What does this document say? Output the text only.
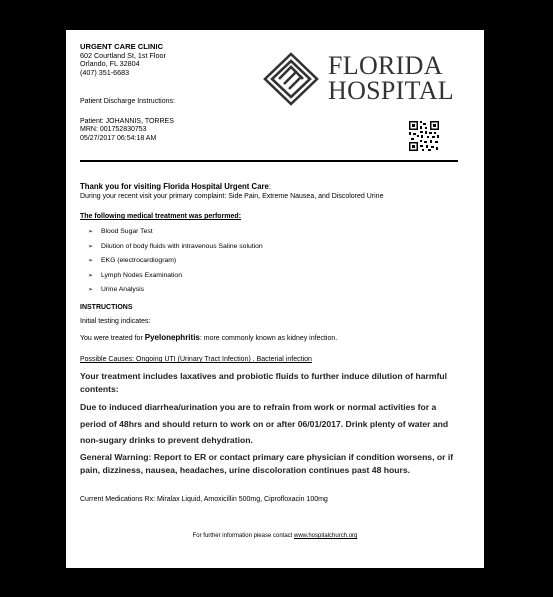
URGENT CARE CLINIC
602 Courtland St, 1st Floor
Orlando, FL 32804
(407) 351-6683	FLORIDA
HOSPITAL
Patient Discharge Instructions:
Patient: JOHANNIS, TORRES
MRN: 001752830753
05/27/2017 06:54:18 AM
Thank you for visiting Florida Hospital Urgent Care:
During your recent visit your primary complaint: Side Pain, Extreme Nausea, and Discolored Urine
The following medical treatment was performed:
➢ Blood Sugar Test
➢ Dilution of body fluids with intravenous Saline solution
➢ EKG (electrocardiogram)
➢ Lymph Nodes Examination
➢ Urine Analysis
INSTRUCTIONS
Initial testing indicates:
You were treated for Pyelonephritis: more commonly known as kidney infection.
Possible Causes: Ongoing UTI (Urinary Tract Infection) . Bacterial infection
Your treatment includes laxatives and probiotic fluids to further induce dilution of harmful contents:
Due to induced diarrhea/urination you are to refrain from work or normal activities for a period of 48hrs and should return to work on or after 06/01/2017. Drink plenty of water and non-sugary drinks to prevent dehydration.
General Warning: Report to ER or contact primary care physician if condition worsens, or if pain, dizziness, nausea, headaches, urine discoloration continues past 48 hours.
Current Medications Rx: Miralax Liquid, Amoxicillin 500mg, Ciprofloxacin 100mg
For further information please contact www.hospitalchurch.org
